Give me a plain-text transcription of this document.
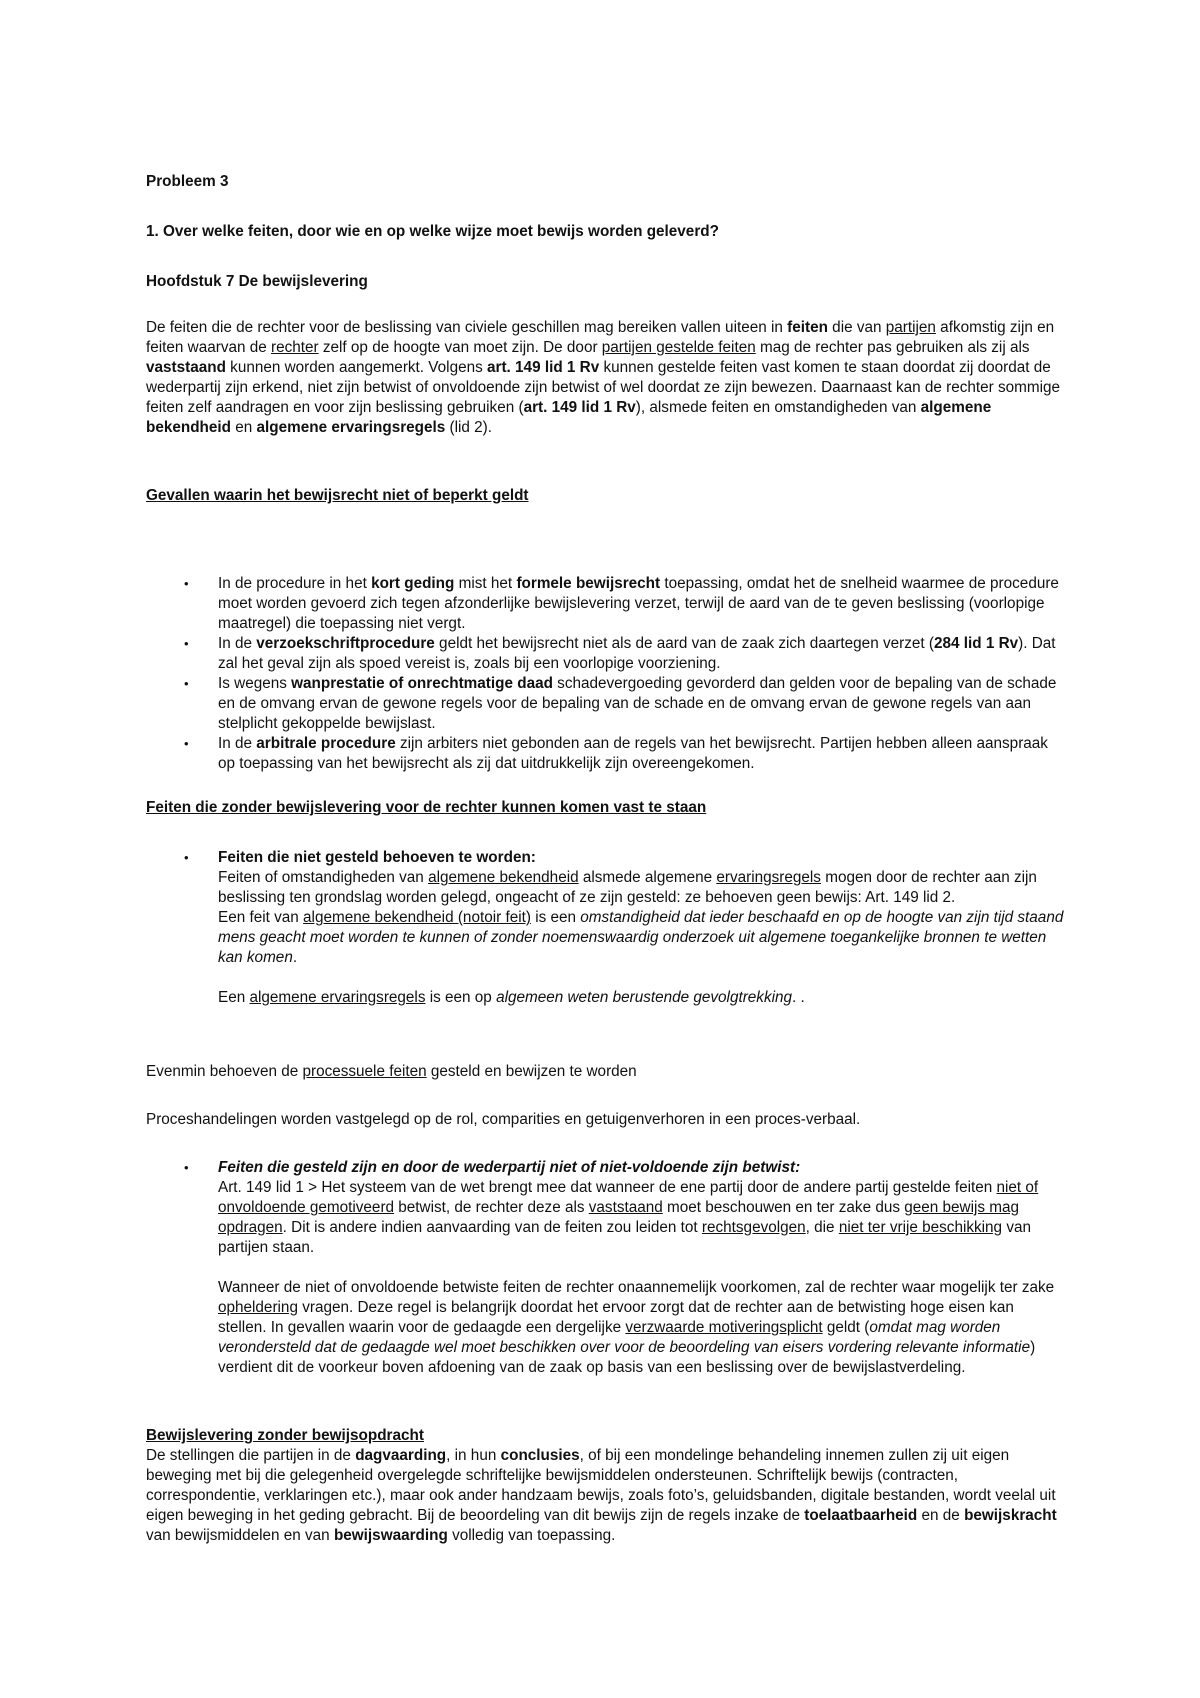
Probleem 3

1. Over welke feiten, door wie en op welke wijze moet bewijs worden geleverd?

Hoofdstuk 7 De bewijslevering

De feiten die de rechter voor de beslissing van civiele geschillen mag bereiken vallen uiteen in feiten die van partijen afkomstig zijn en feiten waarvan de rechter zelf op de hoogte van moet zijn. De door partijen gestelde feiten mag de rechter pas gebruiken als zij als vaststaand kunnen worden aangemerkt. Volgens art. 149 lid 1 Rv kunnen gestelde feiten vast komen te staan doordat zij doordat de wederpartij zijn erkend, niet zijn betwist of onvoldoende zijn betwist of wel doordat ze zijn bewezen. Daarnaast kan de rechter sommige feiten zelf aandragen en voor zijn beslissing gebruiken (art. 149 lid 1 Rv), alsmede feiten en omstandigheden van algemene bekendheid en algemene ervaringsregels (lid 2).

Gevallen waarin het bewijsrecht niet of beperkt geldt

• In de procedure in het kort geding mist het formele bewijsrecht toepassing, omdat het de snelheid waarmee de procedure moet worden gevoerd zich tegen afzonderlijke bewijslevering verzet, terwijl de aard van de te geven beslissing (voorlopige maatregel) die toepassing niet vergt.
• In de verzoekschriftprocedure geldt het bewijsrecht niet als de aard van de zaak zich daartegen verzet (284 lid 1 Rv). Dat zal het geval zijn als spoed vereist is, zoals bij een voorlopige voorziening.
• Is wegens wanprestatie of onrechtmatige daad schadevergoeding gevorderd dan gelden voor de bepaling van de schade en de omvang ervan de gewone regels voor de bepaling van de schade en de omvang ervan de gewone regels van aan stelplicht gekoppelde bewijslast.
• In de arbitrale procedure zijn arbiters niet gebonden aan de regels van het bewijsrecht. Partijen hebben alleen aanspraak op toepassing van het bewijsrecht als zij dat uitdrukkelijk zijn overeengekomen.

Feiten die zonder bewijslevering voor de rechter kunnen komen vast te staan

• Feiten die niet gesteld behoeven te worden:
Feiten of omstandigheden van algemene bekendheid alsmede algemene ervaringsregels mogen door de rechter aan zijn beslissing ten grondslag worden gelegd, ongeacht of ze zijn gesteld: ze behoeven geen bewijs: Art. 149 lid 2.
Een feit van algemene bekendheid (notoir feit) is een omstandigheid dat ieder beschaafd en op de hoogte van zijn tijd staand mens geacht moet worden te kunnen of zonder noemenswaardig onderzoek uit algemene toegankelijke bronnen te wetten kan komen.
Een algemene ervaringsregels is een op algemeen weten berustende gevolgtrekking. .

Evenmin behoeven de processuele feiten gesteld en bewijzen te worden

Proceshandelingen worden vastgelegd op de rol, comparities en getuigenverhoren in een proces-verbaal.

• Feiten die gesteld zijn en door de wederpartij niet of niet-voldoende zijn betwist:
Art. 149 lid 1 > Het systeem van de wet brengt mee dat wanneer de ene partij door de andere partij gestelde feiten niet of onvoldoende gemotiveerd betwist, de rechter deze als vaststaand moet beschouwen en ter zake dus geen bewijs mag opdragen. Dit is andere indien aanvaarding van de feiten zou leiden tot rechtsgevolgen, die niet ter vrije beschikking van partijen staan.
Wanneer de niet of onvoldoende betwiste feiten de rechter onaannemelijk voorkomen, zal de rechter waar mogelijk ter zake opheldering vragen. Deze regel is belangrijk doordat het ervoor zorgt dat de rechter aan de betwisting hoge eisen kan stellen. In gevallen waarin voor de gedaagde een dergelijke verzwaarde motiveringsplicht geldt (omdat mag worden verondersteld dat de gedaagde wel moet beschikken over voor de beoordeling van eisers vordering relevante informatie) verdient dit de voorkeur boven afdoening van de zaak op basis van een beslissing over de bewijslastverdeling.

Bewijslevering zonder bewijsopdracht

De stellingen die partijen in de dagvaarding, in hun conclusies, of bij een mondelinge behandeling innemen zullen zij uit eigen beweging met bij die gelegenheid overgelegde schriftelijke bewijsmiddelen ondersteunen. Schriftelijk bewijs (contracten, correspondentie, verklaringen etc.), maar ook ander handzaam bewijs, zoals foto’s, geluidsbanden, digitale bestanden, wordt veelal uit eigen beweging in het geding gebracht. Bij de beoordeling van dit bewijs zijn de regels inzake de toelaatbaarheid en de bewijskracht van bewijsmiddelen en van bewijswaarding volledig van toepassing.
